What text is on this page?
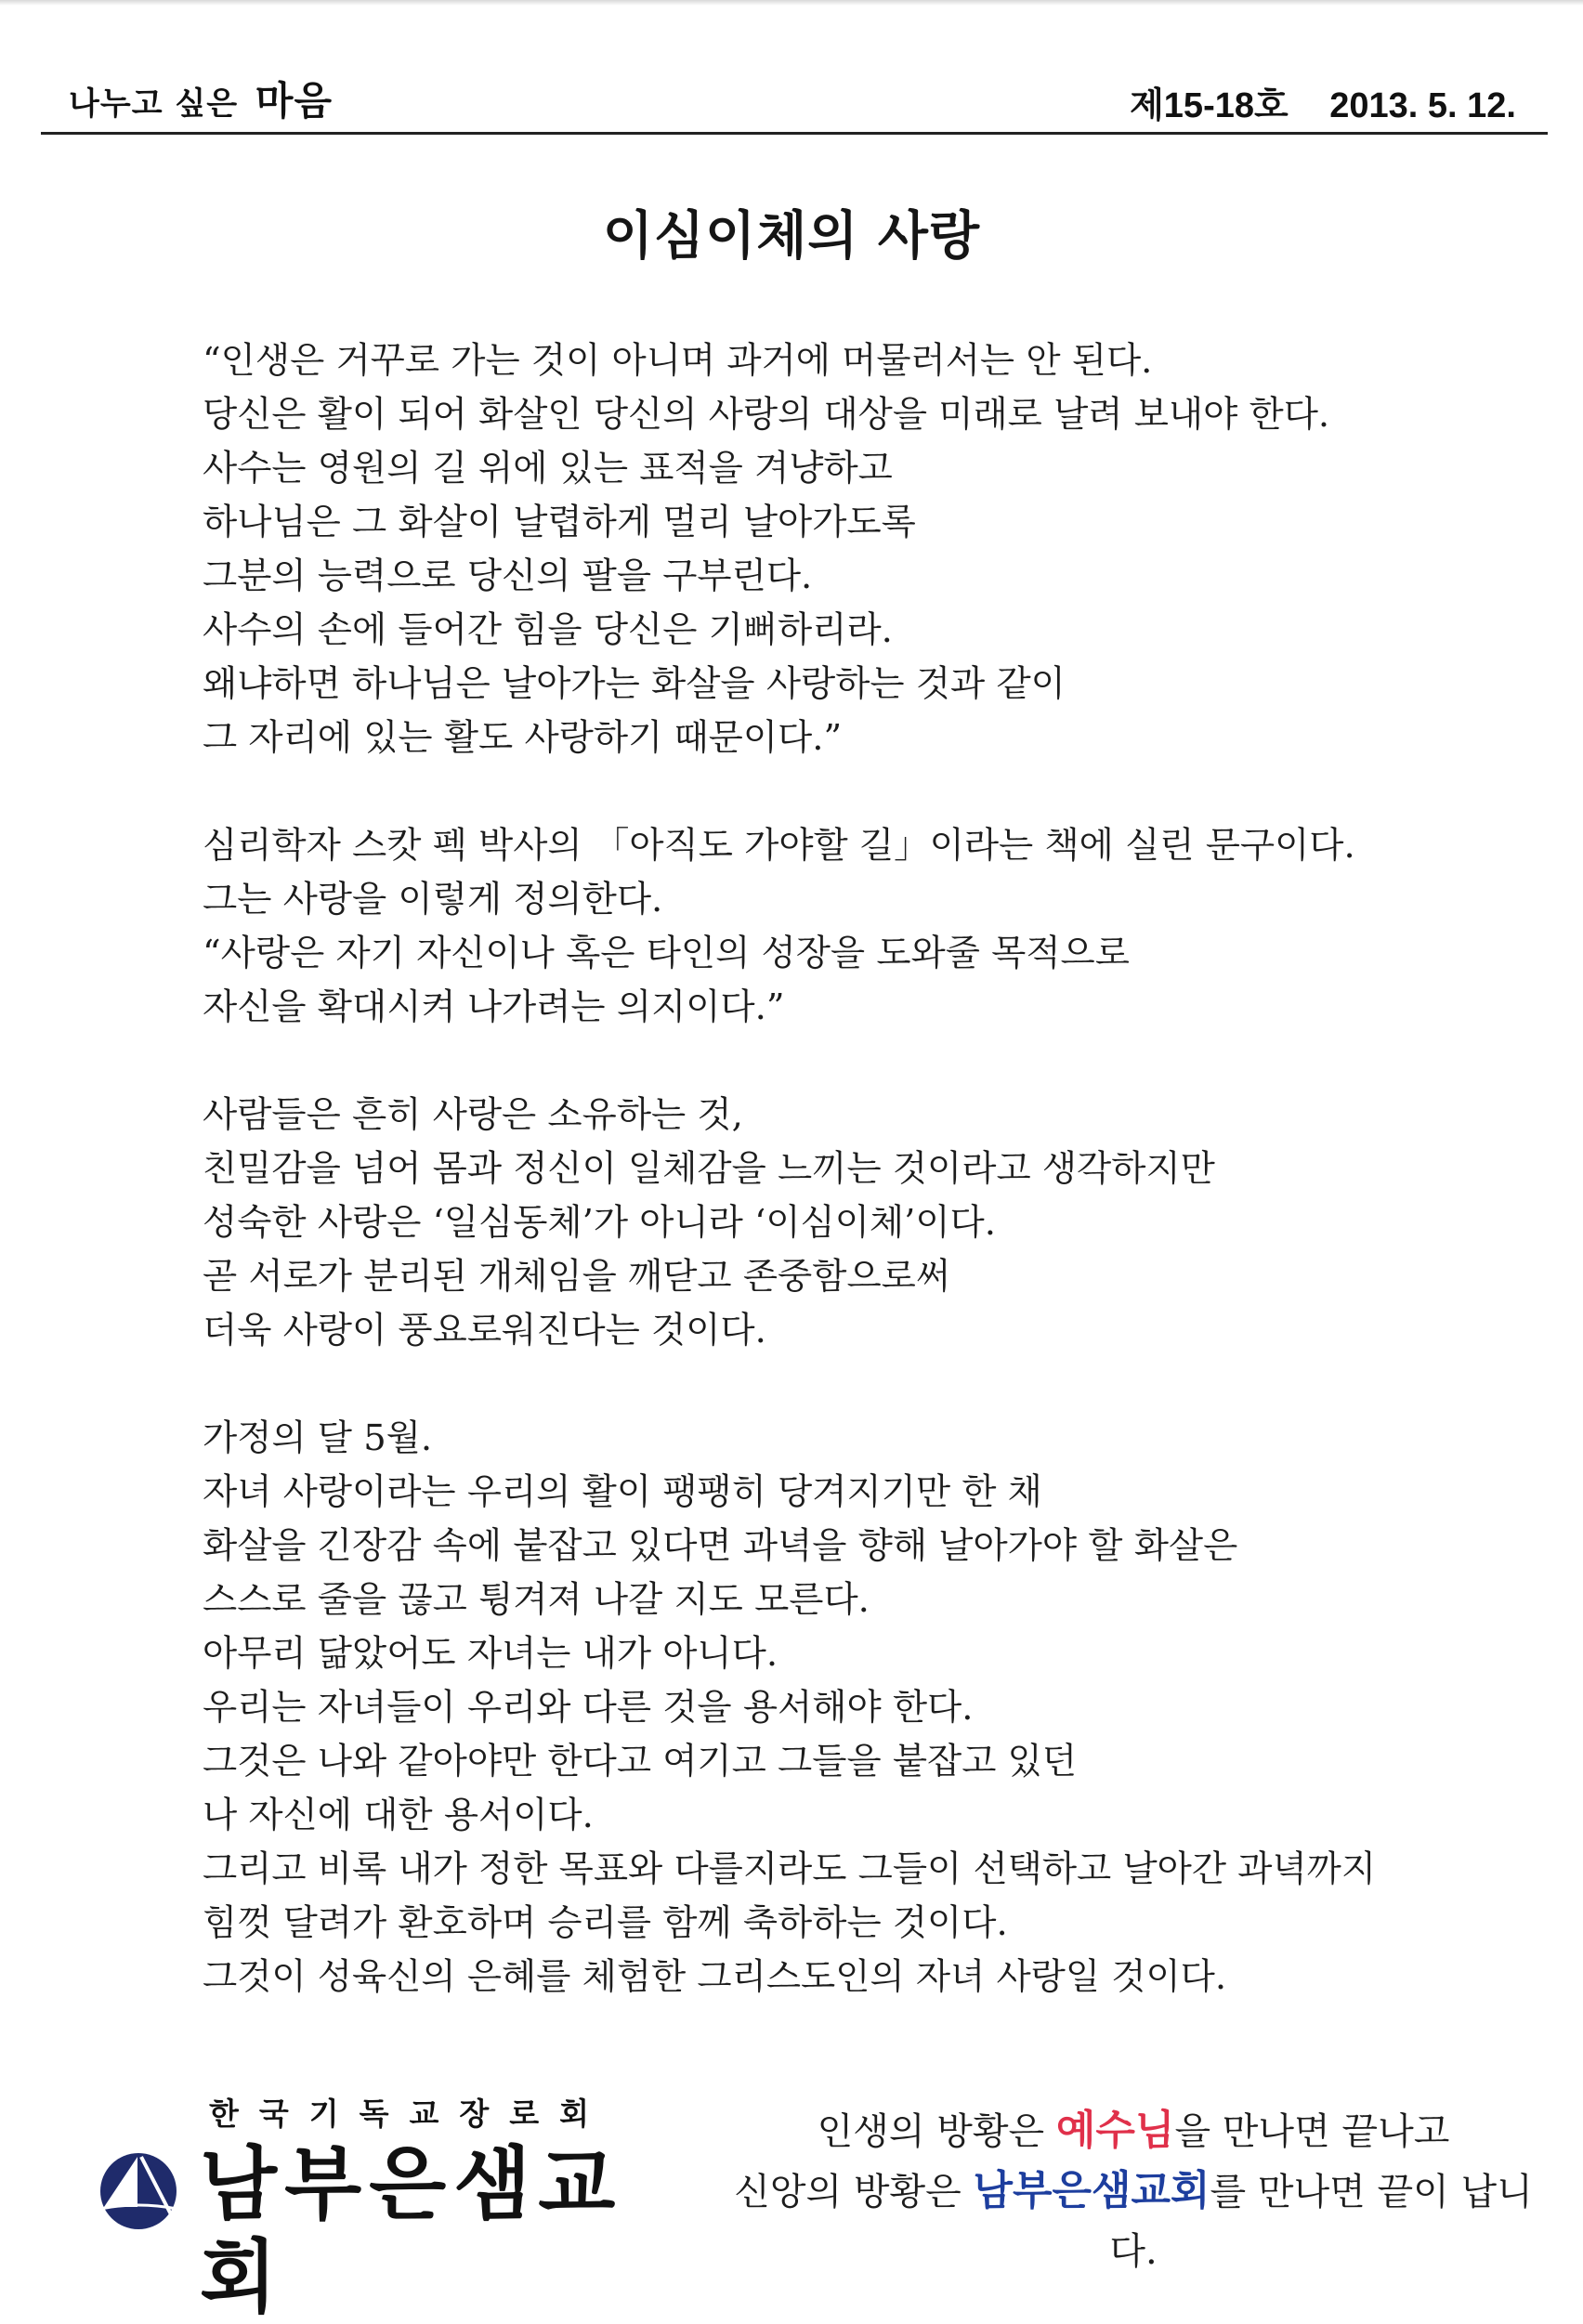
나누고 싶은 마음	제15-18호 2013. 5. 12.
이심이체의 사랑
“인생은 거꾸로 가는 것이 아니며 과거에 머물러서는 안 된다.
당신은 활이 되어 화살인 당신의 사랑의 대상을 미래로 날려 보내야 한다.
사수는 영원의 길 위에 있는 표적을 겨냥하고
하나님은 그 화살이 날렵하게 멀리 날아가도록
그분의 능력으로 당신의 팔을 구부린다.
사수의 손에 들어간 힘을 당신은 기뻐하리라.
왜냐하면 하나님은 날아가는 화살을 사랑하는 것과 같이
그 자리에 있는 활도 사랑하기 때문이다.”
심리학자 스캇 펙 박사의 「아직도 가야할 길」이라는 책에 실린 문구이다.
그는 사랑을 이렇게 정의한다.
“사랑은 자기 자신이나 혹은 타인의 성장을 도와줄 목적으로
자신을 확대시켜 나가려는 의지이다.”
사람들은 흔히 사랑은 소유하는 것,
친밀감을 넘어 몸과 정신이 일체감을 느끼는 것이라고 생각하지만
성숙한 사랑은 ‘일심동체’가 아니라 ‘이심이체’이다.
곧 서로가 분리된 개체임을 깨닫고 존중함으로써
더욱 사랑이 풍요로워진다는 것이다.
가정의 달 5월.
자녀 사랑이라는 우리의 활이 팽팽히 당겨지기만 한 채
화살을 긴장감 속에 붙잡고 있다면 과녁을 향해 날아가야 할 화살은
스스로 줄을 끊고 튕겨져 나갈 지도 모른다.
아무리 닮았어도 자녀는 내가 아니다.
우리는 자녀들이 우리와 다른 것을 용서해야 한다.
그것은 나와 같아야만 한다고 여기고 그들을 붙잡고 있던
나 자신에 대한 용서이다.
그리고 비록 내가 정한 목표와 다를지라도 그들이 선택하고 날아간 과녁까지
힘껏 달려가 환호하며 승리를 함께 축하하는 것이다.
그것이 성육신의 은혜를 체험한 그리스도인의 자녀 사랑일 것이다.
한국기독교장로회
남부은샘교회
인생의 방황은 예수님을 만나면 끝나고
신앙의 방황은 남부은샘교회를 만나면 끝이 납니다.
